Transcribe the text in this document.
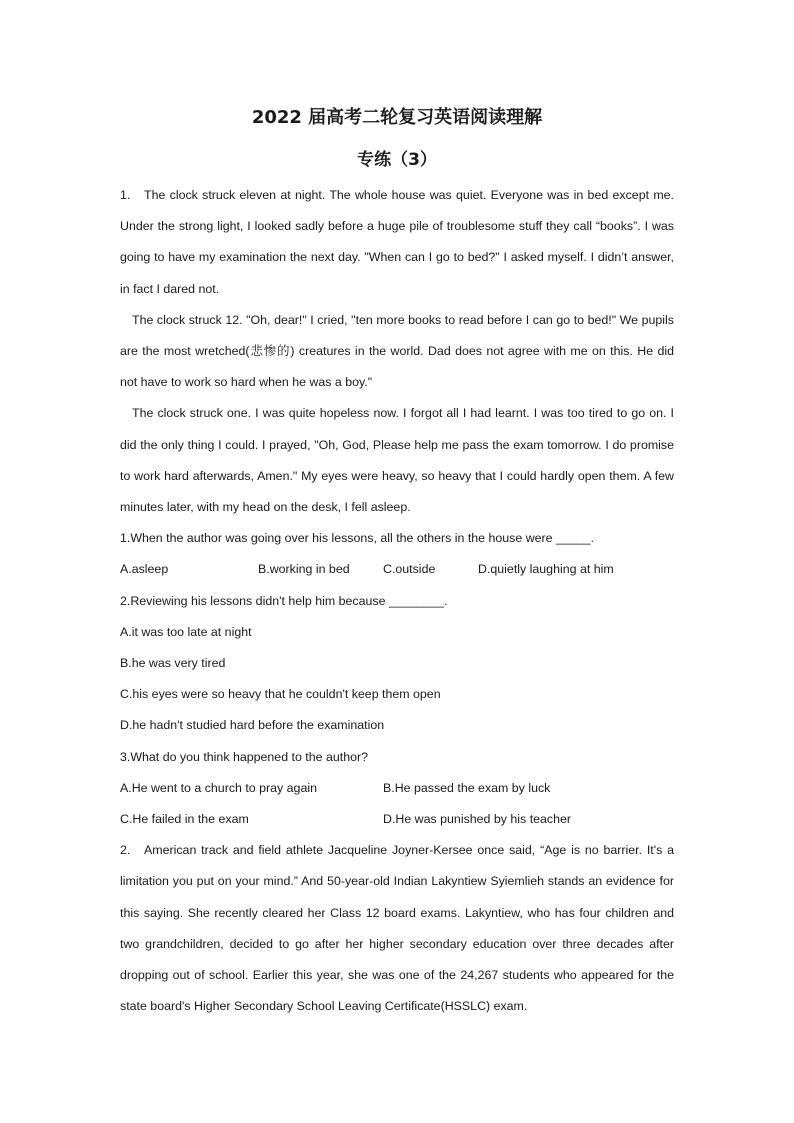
2022 届高考二轮复习英语阅读理解
专练（3）

1. The clock struck eleven at night. The whole house was quiet. Everyone was in bed except me. Under the strong light, I looked sadly before a huge pile of troublesome stuff they call “books”. I was going to have my examination the next day. "When can I go to bed?" I asked myself. I didn’t answer, in fact I dared not.

The clock struck 12. "Oh, dear!" I cried, "ten more books to read before I can go to bed!" We pupils are the most wretched(悲惨的) creatures in the world. Dad does not agree with me on this. He did not have to work so hard when he was a boy."

The clock struck one. I was quite hopeless now. I forgot all I had learnt. I was too tired to go on. I did the only thing I could. I prayed, "Oh, God, Please help me pass the exam tomorrow. I do promise to work hard afterwards, Amen." My eyes were heavy, so heavy that I could hardly open them. A few minutes later, with my head on the desk, I fell asleep.

1.When the author was going over his lessons, all the others in the house were _____.

A.asleep	B.working in bed	C.outside	D.quietly laughing at him

2.Reviewing his lessons didn't help him because ________.

A.it was too late at night

B.he was very tired

C.his eyes were so heavy that he couldn't keep them open

D.he hadn't studied hard before the examination

3.What do you think happened to the author?

A.He went to a church to pray again	B.He passed the exam by luck
C.He failed in the exam	D.He was punished by his teacher

2. American track and field athlete Jacqueline Joyner-Kersee once said, “Age is no barrier. It's a limitation you put on your mind.” And 50-year-old Indian Lakyntiew Syiemlieh stands an evidence for this saying. She recently cleared her Class 12 board exams. Lakyntiew, who has four children and two grandchildren, decided to go after her higher secondary education over three decades after dropping out of school. Earlier this year, she was one of the 24,267 students who appeared for the state board's Higher Secondary School Leaving Certificate(HSSLC) exam.
